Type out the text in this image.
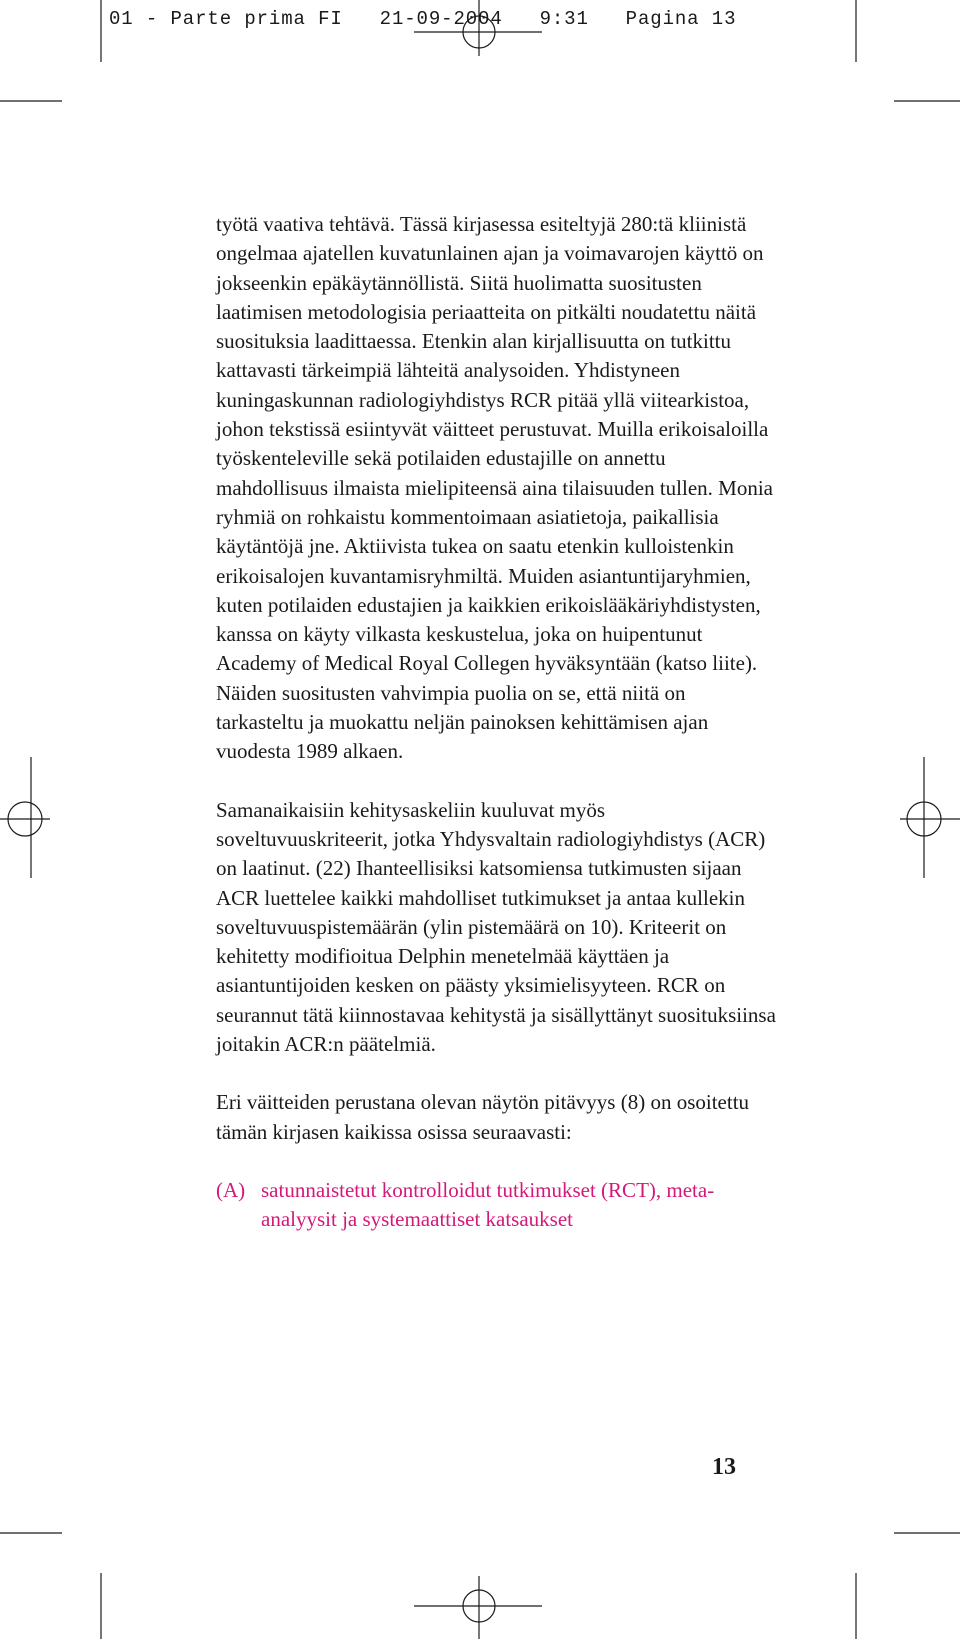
01 - Parte prima FI   21-09-2004   9:31   Pagina 13

työtä vaativa tehtävä. Tässä kirjasessa esiteltyjä 280:tä kliinistä ongelmaa ajatellen kuvatunlainen ajan ja voimavarojen käyttö on jokseenkin epäkäytännöllistä. Siitä huolimatta suositusten laatimisen metodologisia periaatteita on pitkälti noudatettu näitä suosituksia laadittaessa. Etenkin alan kirjallisuutta on tutkittu kattavasti tärkeimpiä lähteitä analysoiden. Yhdistyneen kuningaskunnan radiologiyhdistys RCR pitää yllä viitearkistoa, johon tekstissä esiintyvät väitteet perustuvat. Muilla erikoisaloilla työskenteleville sekä potilaiden edustajille on annettu mahdollisuus ilmaista mielipiteensä aina tilaisuuden tullen. Monia ryhmiä on rohkaistu kommentoimaan asiatietoja, paikallisia käytäntöjä jne. Aktiivista tukea on saatu etenkin kulloistenkin erikoisalojen kuvantamisryhmiltä. Muiden asiantuntijaryhmien, kuten potilaiden edustajien ja kaikkien erikoislääkäriyhdistysten, kanssa on käyty vilkasta keskustelua, joka on huipentunut Academy of Medical Royal Collegen hyväksyntään (katso liite). Näiden suositusten vahvimpia puolia on se, että niitä on tarkasteltu ja muokattu neljän painoksen kehittämisen ajan vuodesta 1989 alkaen.

Samanaikaisiin kehitysaskeliin kuuluvat myös soveltuvuuskriteerit, jotka Yhdysvaltain radiologiyhdistys (ACR) on laatinut. (22) Ihanteellisiksi katsomiensa tutkimusten sijaan ACR luettelee kaikki mahdolliset tutkimukset ja antaa kullekin soveltuvuuspistemäärän (ylin pistemäärä on 10). Kriteerit on kehitetty modifioitua Delphin menetelmää käyttäen ja asiantuntijoiden kesken on päästy yksimielisyyteen. RCR on seurannut tätä kiinnostavaa kehitystä ja sisällyttänyt suosituksiinsa joitakin ACR:n päätelmiä.

Eri väitteiden perustana olevan näytön pitävyys (8) on osoitettu tämän kirjasen kaikissa osissa seuraavasti:

(A) satunnaistetut kontrolloidut tutkimukset (RCT), meta-analyysit ja systemaattiset katsaukset
13
